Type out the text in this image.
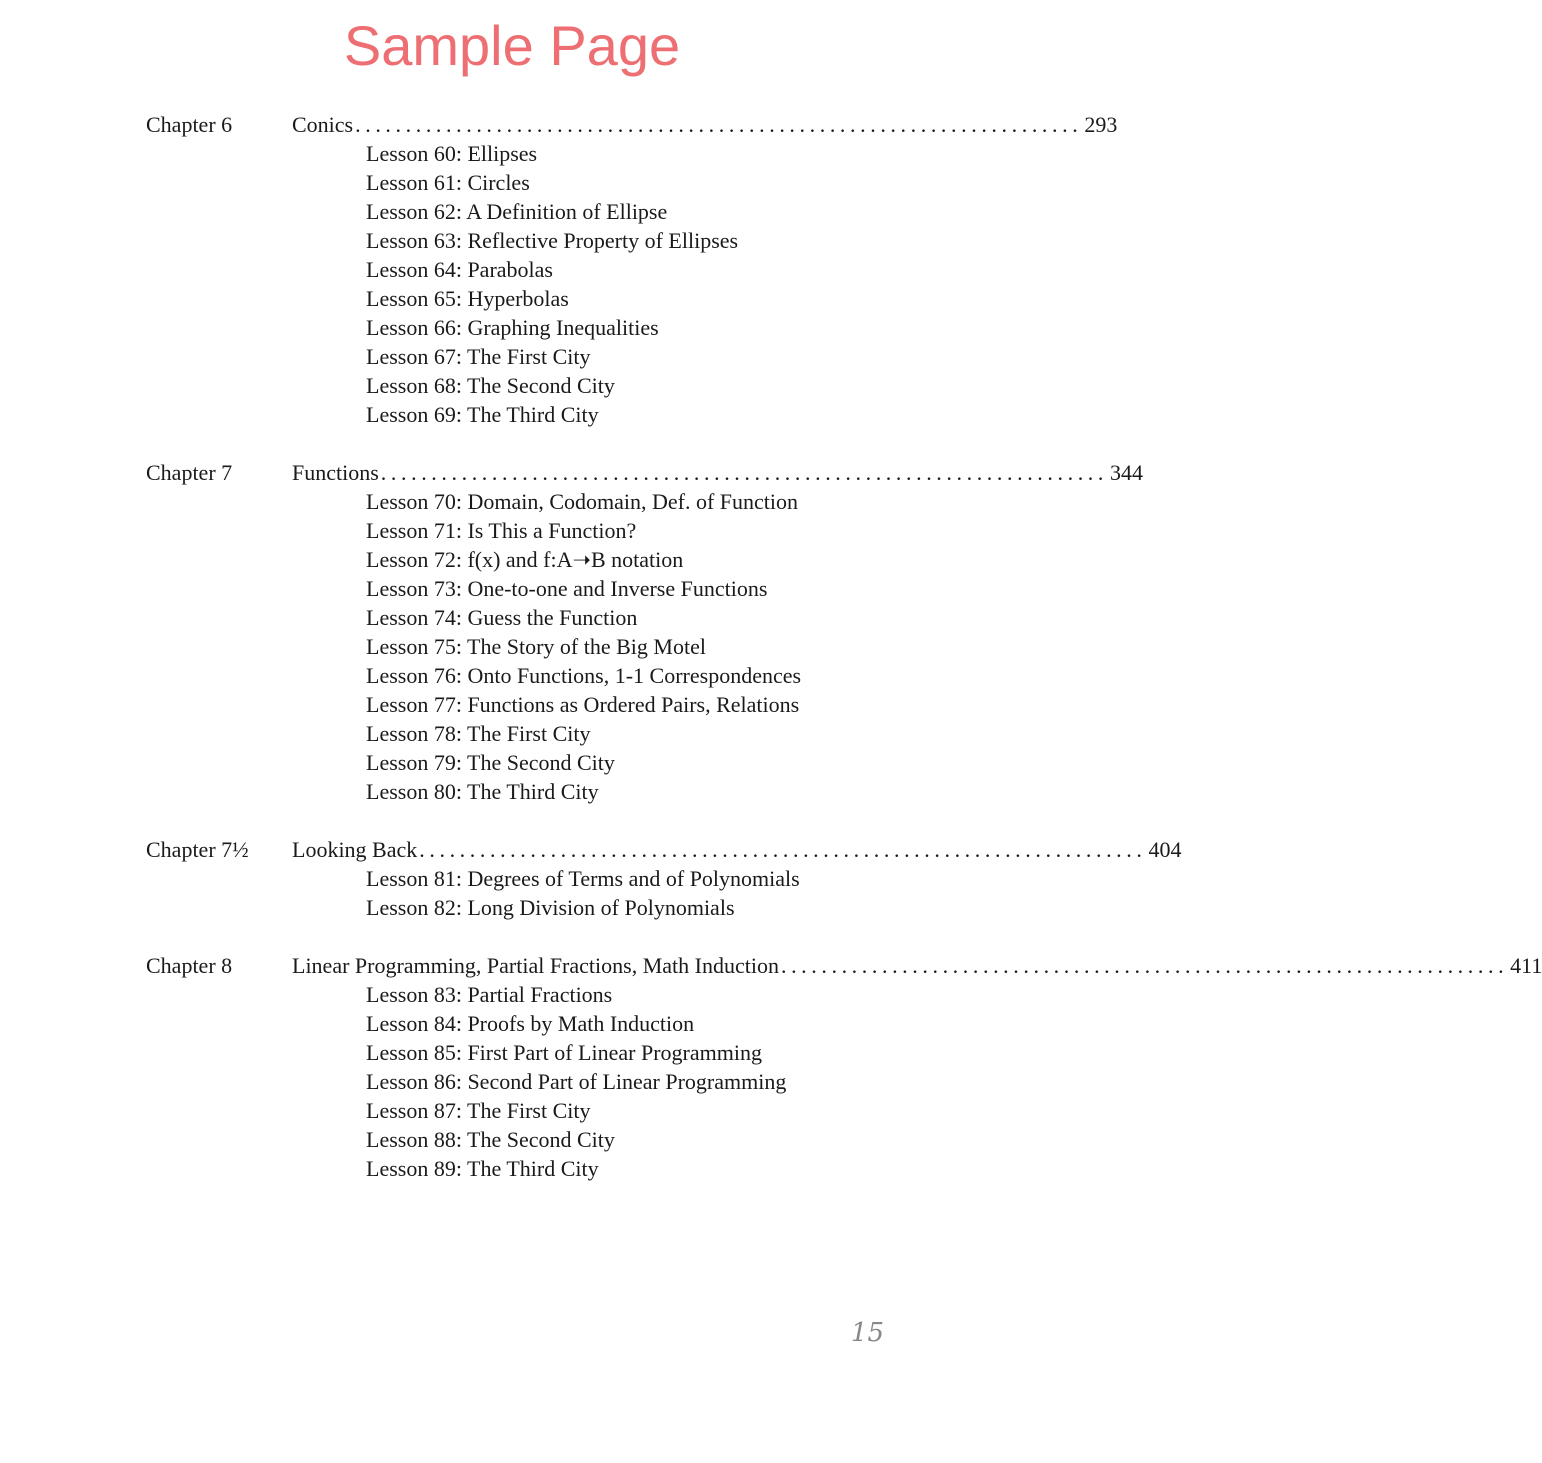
Sample Page
Chapter 6	Conics ........................................................................ 293
Lesson 60: Ellipses
Lesson 61: Circles
Lesson 62: A Definition of Ellipse
Lesson 63: Reflective Property of Ellipses
Lesson 64: Parabolas
Lesson 65: Hyperbolas
Lesson 66: Graphing Inequalities
Lesson 67: The First City
Lesson 68: The Second City
Lesson 69: The Third City
Chapter 7	Functions ........................................................................ 344
Lesson 70: Domain, Codomain, Def. of Function
Lesson 71: Is This a Function?
Lesson 72: f(x) and f:A➝B notation
Lesson 73: One-to-one and Inverse Functions
Lesson 74: Guess the Function
Lesson 75: The Story of the Big Motel
Lesson 76: Onto Functions, 1-1 Correspondences
Lesson 77: Functions as Ordered Pairs, Relations
Lesson 78: The First City
Lesson 79: The Second City
Lesson 80: The Third City
Chapter 7½	Looking Back ........................................................................ 404
Lesson 81: Degrees of Terms and of Polynomials
Lesson 82: Long Division of Polynomials
Chapter 8	Linear Programming, Partial Fractions, Math Induction ........................................................................ 411
Lesson 83: Partial Fractions
Lesson 84: Proofs by Math Induction
Lesson 85: First Part of Linear Programming
Lesson 86: Second Part of Linear Programming
Lesson 87: The First City
Lesson 88: The Second City
Lesson 89: The Third City
15
